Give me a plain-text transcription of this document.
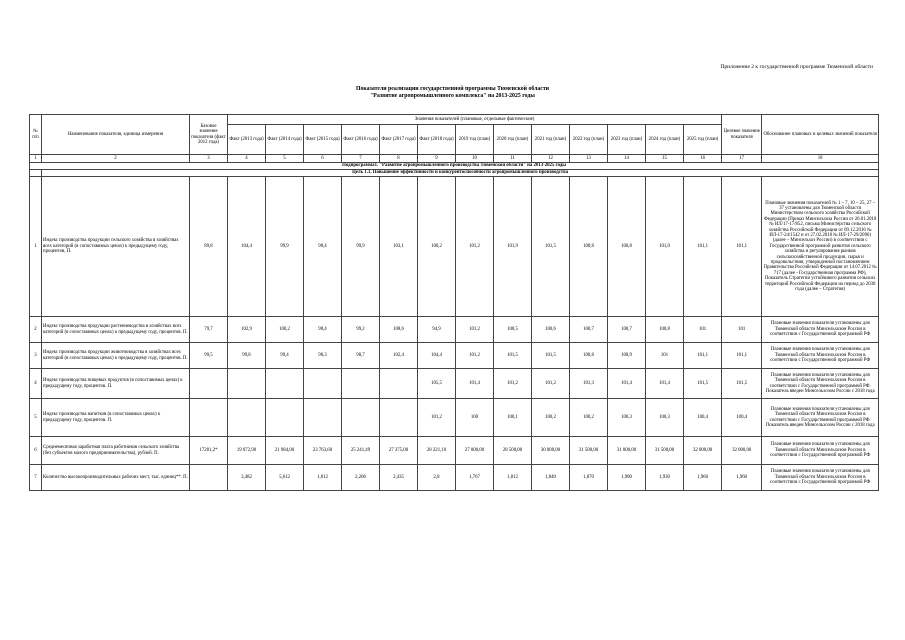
Приложение 2 к государственной программе Тюменской области
Показатели реализации государственной программы Тюменской области
"Развитие агропромышленного комплекса" на 2013-2025 годы
№ п/п	Наименование показателя, единица измерения	Базовое значение показателя (факт 2012 года)	Значения показателей (плановые, отдельные фактические)													Целевое значение показателя	Обоснование плановых и целевых значений показателя
			Факт (2013 года)	Факт (2014 года)	Факт (2015 года)	Факт (2016 года)	Факт (2017 года)	Факт (2018 года)	2019 год (план)	2020 год (план)	2021 год (план)	2022 год (план)	2023 год (план)	2024 год (план)	2025 год (план)		
1	2	3	4	5	6	7	8	9	10	11	12	13	14	15	16	17	18
Подпрограмма1. "Развитие агропромышленного производства Тюменской области" на 2013-2025 годы																	
	Цель 1.1. Повышение эффективности и конкурентоспособности агропромышленного производства																
1	Индекс производства продукции сельского хозяйства в хозяйствах всех категорий (в сопоставимых ценах) к предыдущему году, процентов, П.	89,8	104,4	99,9	98,4	99,9	103,1	100,2	101,2	101,9	101,5	100,8	100,8	101,0	101,1	101,1	Плановые значения показателей № 1 – 7, 10 – 25, 27 – 37 установлены для Тюменской области Министерством сельского хозяйства Российской Федерации (Приказ Минсельхоза России от 26.01.2018 № ИЛ/17-17/852, письма Министерства сельского хозяйства Российской Федерации от 09.12.2016 № ИЛ-17-24/1542 и от 27.02.2018 № ИЛ-17-29/2096) (далее – Минсельхоз России) в соответствии с Государственной программой развития сельского хозяйства и регулирования рынков сельскохозяйственной продукции, сырья и продовольствия, утвержденной постановлением Правительства Российской Федерации от 14.07.2012 № 717 (далее - Государственная программа РФ), Показатель Стратегии устойчивого развития сельских территорий Российской Федерации на период до 2030 года (далее – Стратегия)
2	Индекс производства продукции растениеводства в хозяйствах всех категорий (в сопоставимых ценах) к предыдущему году, процентов. П.	79,7	102,9	100,2	98,4	99,2	108,6	94,9	101,2	100,5	100,6	100,7	100,7	100,8	101	101	Плановые значения показателя установлены для Тюменской области Минсельхозом России в соответствии с Государственной программой РФ
3	Индекс производства продукции животноводства в хозяйствах всех категорий (в сопоставимых ценах) к предыдущему году, процентов. П.	99,5	99,8	99,4	98,3	98,7	102,4	104,4	101,2	101,5	101,5	100,8	100,9	101	101,1	101,1	Плановые значения показателя установлены для Тюменской области Минсельхозом России в соответствии с Государственной программой РФ
4	Индекс производства пищевых продуктов (в сопоставимых ценах) к предыдущему году, процентов. П.							105,5	101,4	101,2	101,2	101,3	101,4	101,4	101,5	101,5	Плановые значения показателя установлены для Тюменской области Минсельхозом России в соответствии с Государственной программой РФ. Показатель введен Минсельхозом России с 2018 года
5	Индекс производства напитков (в сопоставимых ценах) к предыдущему году, процентов. П.							101,2	100	100,1	100,2	100,2	100,3	100,3	100,4	100,4	Плановые значения показателя установлены для Тюменской области Минсельхозом России в соответствии с Государственной программой РФ. Показатель введен Минсельхозом России с 2018 года
6	Среднемесячная заработная плата работников сельского хозяйства (без субъектов малого предпринимательства), рублей. П.	17281,2*	19 072,90	21 984,00	23 763,60	25 241,49	27 375,00	28 221,10	27 000,00	28 500,00	30 000,00	31 500,00	31 000,00	31 500,00	32 000,00	32 000,00	Плановые значения показателя установлены для Тюменской области Минсельхозом России в соответствии с Государственной программой РФ
7	Количество высокопроизводительных рабочих мест, тыс. единиц**. П.		3,482	5,612	1,812	2,206	2,435	2,8	1,767	1,812	1,840	1,870	1,900	1,930	1,960	1,960	Плановые значения показателя установлены для Тюменской области Минсельхозом России в соответствии с Государственной программой РФ
